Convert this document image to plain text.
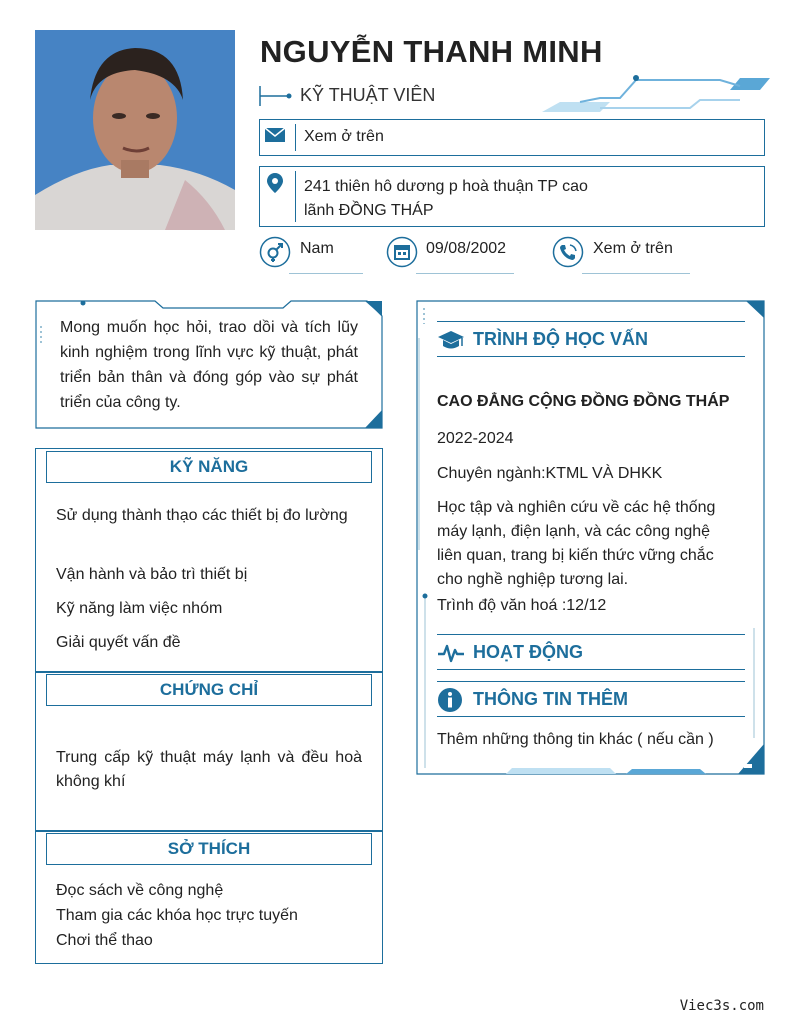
NGUYỄN THANH MINH
KỸ THUẬT VIÊN
Xem ở trên
241 thiên hô dương p hoà thuận TP cao
lãnh ĐỒNG THÁP
Nam	09/08/2002	Xem ở trên
Mong muốn học hỏi, trao dồi và tích lũy kinh nghiệm trong lĩnh vực kỹ thuật, phát triển bản thân và đóng góp vào sự phát triển của công ty.
KỸ NĂNG
Sử dụng thành thạo các thiết bị đo lường
Vận hành và bảo trì thiết bị
Kỹ năng làm việc nhóm
Giải quyết vấn đề
CHỨNG CHỈ
Trung cấp kỹ thuật máy lạnh và đều hoà không khí
SỞ THÍCH
Đọc sách về công nghệ
Tham gia các khóa học trực tuyến
Chơi thể thao
TRÌNH ĐỘ HỌC VẤN
CAO ĐẲNG CỘNG ĐỒNG ĐỒNG THÁP
2022-2024
Chuyên ngành:KTML VÀ DHKK
Học tập và nghiên cứu về các hệ thống máy lạnh, điện lạnh, và các công nghệ liên quan, trang bị kiến thức vững chắc cho nghề nghiệp tương lai.
Trình độ văn hoá :12/12
HOẠT ĐỘNG
THÔNG TIN THÊM
Thêm những thông tin khác ( nếu cần )
Viec3s.com
